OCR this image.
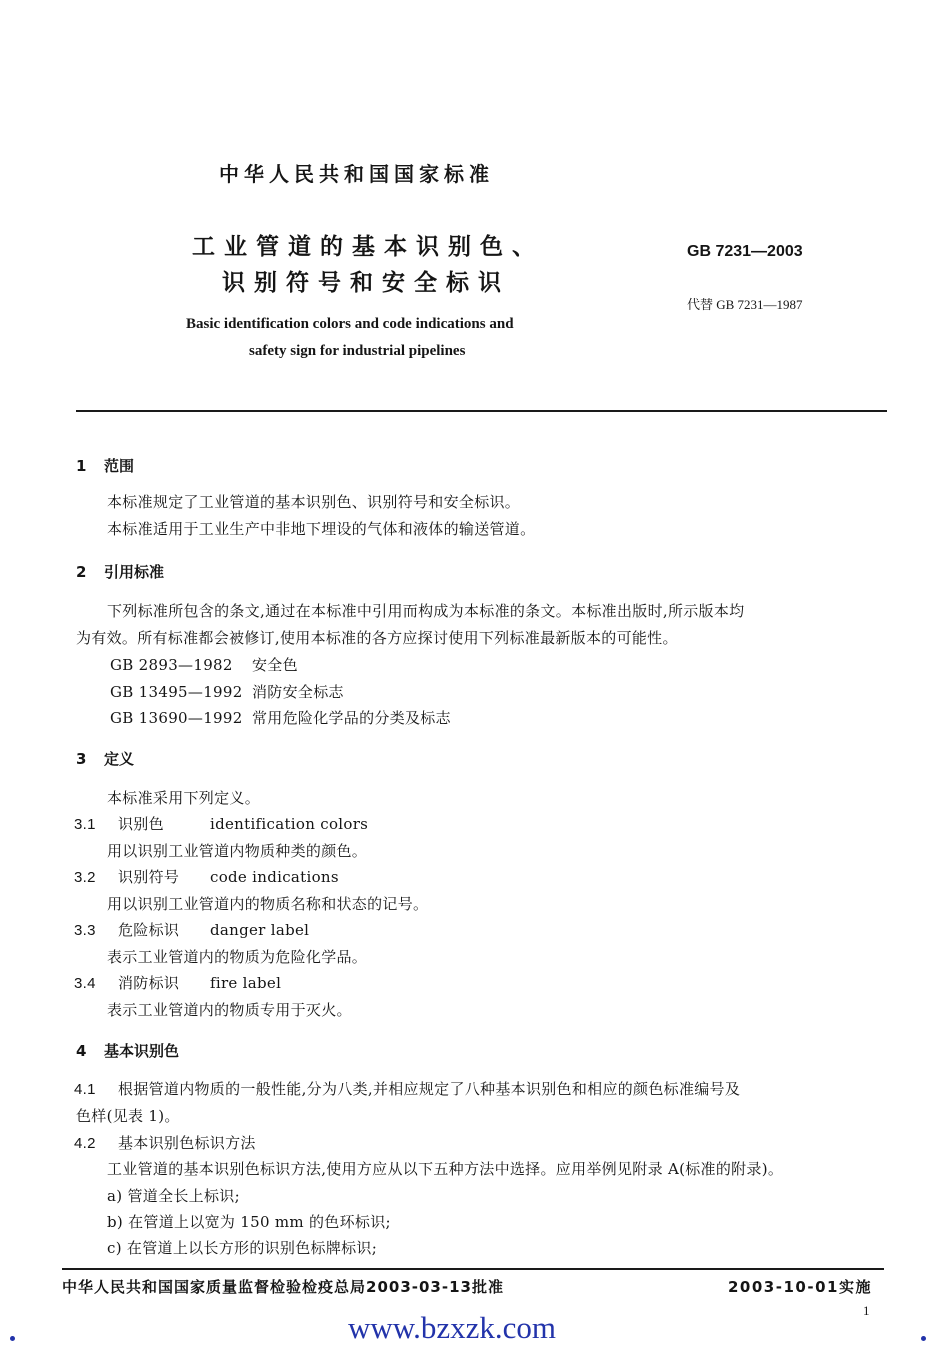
中华人民共和国国家标准
工业管道的基本识别色、
识别符号和安全标识
Basic identification colors and code indications and
safety sign for industrial pipelines
GB 7231—2003
代替 GB 7231—1987
1 范围
本标准规定了工业管道的基本识别色、识别符号和安全标识。
本标准适用于工业生产中非地下埋设的气体和液体的输送管道。
2 引用标准
下列标准所包含的条文,通过在本标准中引用而构成为本标准的条文。本标准出版时,所示版本均
为有效。所有标准都会被修订,使用本标准的各方应探讨使用下列标准最新版本的可能性。
GB 2893—1982 安全色
GB 13495—1992 消防安全标志
GB 13690—1992 常用危险化学品的分类及标志
3 定义
本标准采用下列定义。
3.1 识别色	identification colors
用以识别工业管道内物质种类的颜色。
3.2 识别符号 code indications
用以识别工业管道内的物质名称和状态的记号。
3.3 危险标识 danger label
表示工业管道内的物质为危险化学品。
3.4 消防标识 fire label
表示工业管道内的物质专用于灭火。
4 基本识别色
4.1 根据管道内物质的一般性能,分为八类,并相应规定了八种基本识别色和相应的颜色标准编号及
色样(见表 1)。
4.2 基本识别色标识方法
工业管道的基本识别色标识方法,使用方应从以下五种方法中选择。应用举例见附录 A(标准的附录)。
a) 管道全长上标识;
b) 在管道上以宽为 150 mm 的色环标识;
c) 在管道上以长方形的识别色标牌标识;
中华人民共和国国家质量监督检验检疫总局2003-03-13批准	2003-10-01实施
1
www.bzxzk.com
